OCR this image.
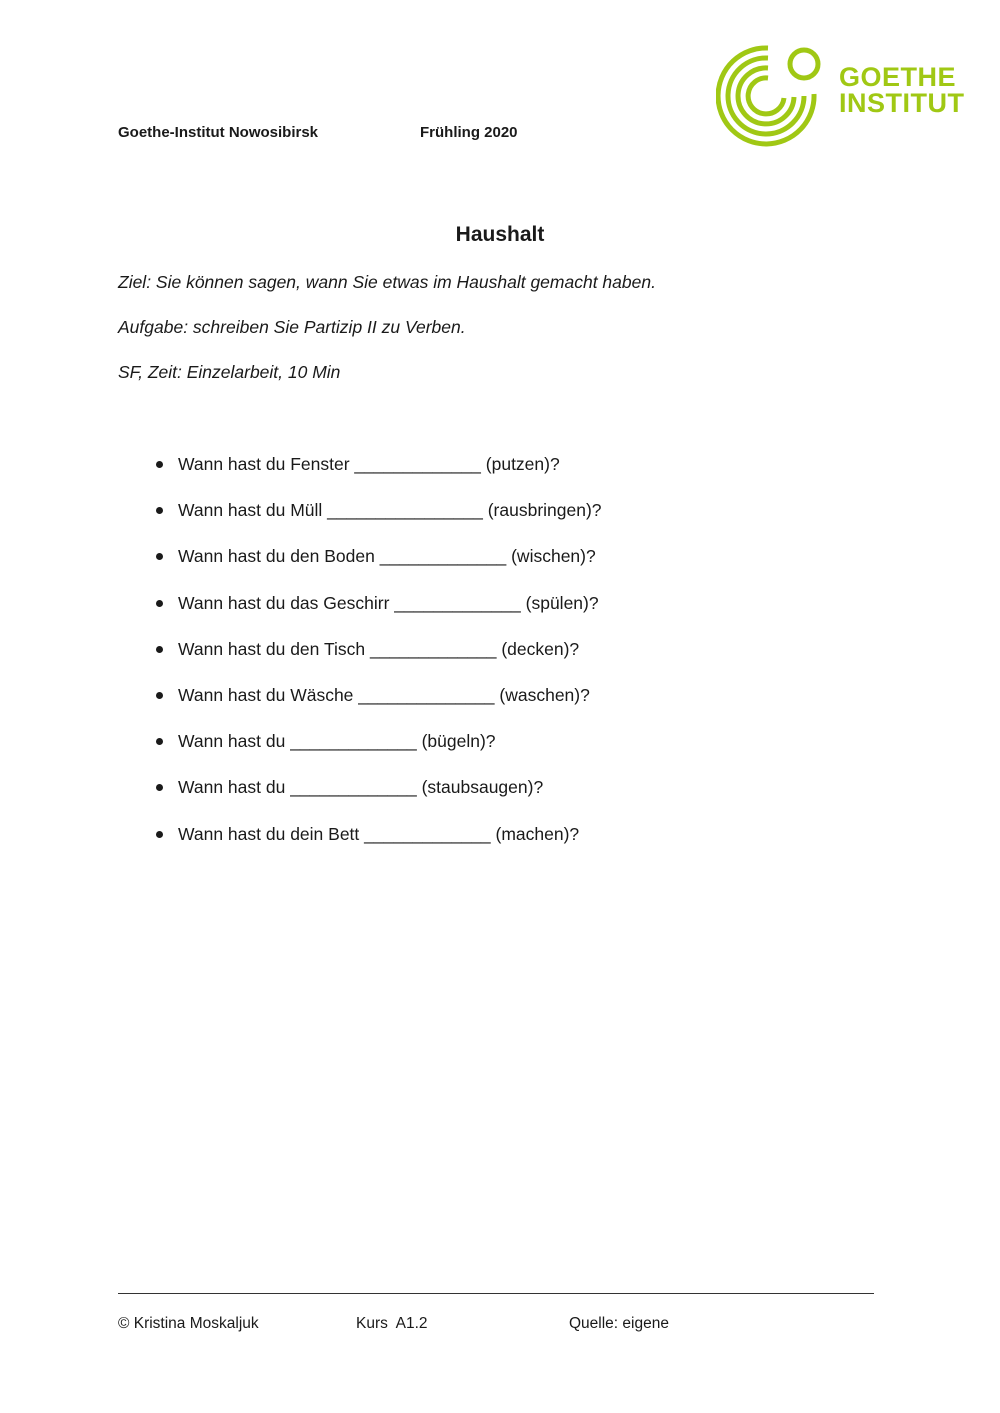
Goethe-Institut Nowosibirsk	Frühling 2020
GOETHE
INSTITUT
Haushalt
Ziel: Sie können sagen, wann Sie etwas im Haushalt gemacht haben.
Aufgabe: schreiben Sie Partizip II zu Verben.
SF, Zeit: Einzelarbeit, 10 Min
Wann hast du Fenster _____________ (putzen)?
Wann hast du Müll ________________ (rausbringen)?
Wann hast du den Boden _____________ (wischen)?
Wann hast du das Geschirr _____________ (spülen)?
Wann hast du den Tisch _____________ (decken)?
Wann hast du Wäsche ______________ (waschen)?
Wann hast du _____________ (bügeln)?
Wann hast du _____________ (staubsaugen)?
Wann hast du dein Bett _____________ (machen)?
© Kristina Moskaljuk	Kurs  A1.2	Quelle: eigene
